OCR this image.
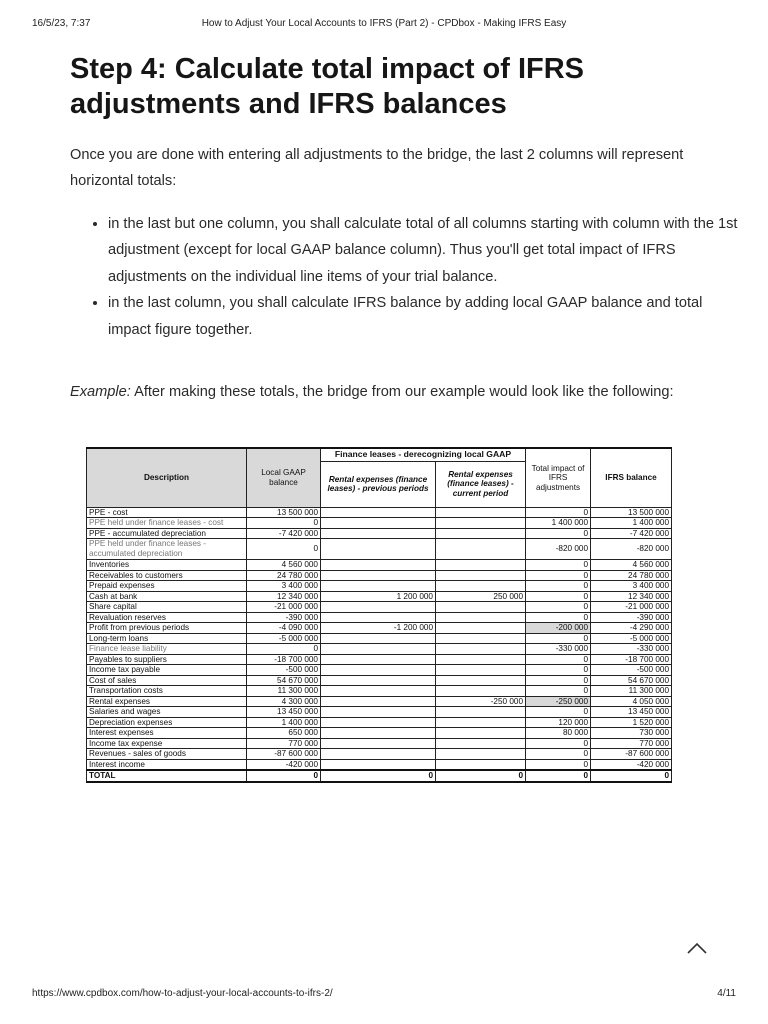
16/5/23, 7:37	How to Adjust Your Local Accounts to IFRS (Part 2) - CPDbox - Making IFRS Easy
Step 4: Calculate total impact of IFRS adjustments and IFRS balances

Once you are done with entering all adjustments to the bridge, the last 2 columns will represent horizontal totals:

• in the last but one column, you shall calculate total of all columns starting with column with the 1st adjustment (except for local GAAP balance column). Thus you'll get total impact of IFRS adjustments on the individual line items of your trial balance.
• in the last column, you shall calculate IFRS balance by adding local GAAP balance and total impact figure together.

Example: After making these totals, the bridge from our example would look like the following:

Description	Local GAAP balance	Finance leases - derecognizing local GAAP		Total impact of IFRS adjustments	IFRS balance
		Rental expenses (finance leases) - previous periods	Rental expenses (finance leases) - current period		
PPE - cost	13 500 000			0	13 500 000
PPE held under finance leases - cost	0			1 400 000	1 400 000
PPE - accumulated depreciation	-7 420 000			0	-7 420 000
PPE held under finance leases - accumulated depreciation	0			-820 000	-820 000
Inventories	4 560 000			0	4 560 000
Receivables to customers	24 780 000			0	24 780 000
Prepaid expenses	3 400 000			0	3 400 000
Cash at bank	12 340 000	1 200 000	250 000	0	12 340 000
Share capital	-21 000 000			0	-21 000 000
Revaluation reserves	-390 000			0	-390 000
Profit from previous periods	-4 090 000	-1 200 000		-200 000	-4 290 000
Long-term loans	-5 000 000			0	-5 000 000
Finance lease liability	0			-330 000	-330 000
Payables to suppliers	-18 700 000			0	-18 700 000
Income tax payable	-500 000			0	-500 000
Cost of sales	54 670 000			0	54 670 000
Transportation costs	11 300 000			0	11 300 000
Rental expenses	4 300 000		-250 000	-250 000	4 050 000
Salaries and wages	13 450 000			0	13 450 000
Depreciation expenses	1 400 000			120 000	1 520 000
Interest expenses	650 000			80 000	730 000
Income tax expense	770 000			0	770 000
Revenues - sales of goods	-87 600 000			0	-87 600 000
Interest income	-420 000			0	-420 000
TOTAL	0	0	0	0	0
https://www.cpdbox.com/how-to-adjust-your-local-accounts-to-ifrs-2/	4/11
